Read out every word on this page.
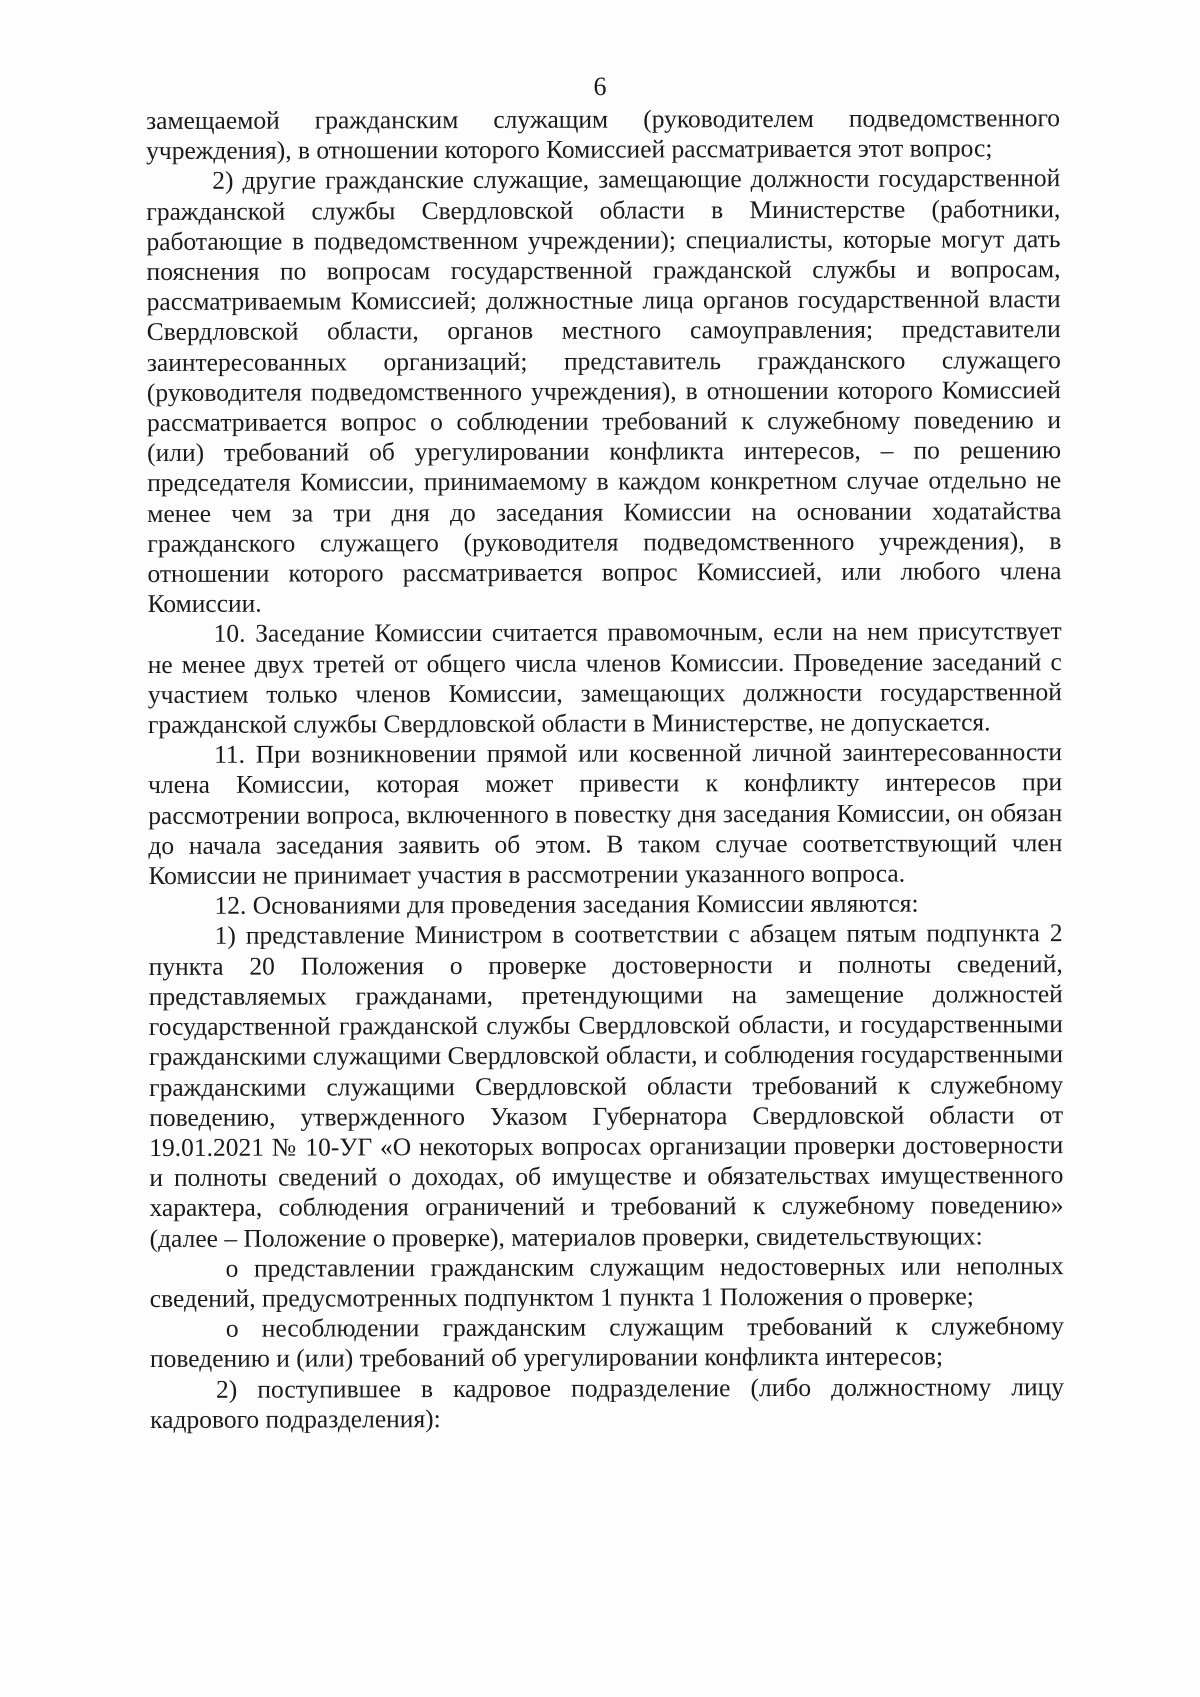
6

замещаемой гражданским служащим (руководителем подведомственного учреждения), в отношении которого Комиссией рассматривается этот вопрос;

2) другие гражданские служащие, замещающие должности государственной гражданской службы Свердловской области в Министерстве (работники, работающие в подведомственном учреждении); специалисты, которые могут дать пояснения по вопросам государственной гражданской службы и вопросам, рассматриваемым Комиссией; должностные лица органов государственной власти Свердловской области, органов местного самоуправления; представители заинтересованных организаций; представитель гражданского служащего (руководителя подведомственного учреждения), в отношении которого Комиссией рассматривается вопрос о соблюдении требований к служебному поведению и (или) требований об урегулировании конфликта интересов, – по решению председателя Комиссии, принимаемому в каждом конкретном случае отдельно не менее чем за три дня до заседания Комиссии на основании ходатайства гражданского служащего (руководителя подведомственного учреждения), в отношении которого рассматривается вопрос Комиссией, или любого члена Комиссии.

10. Заседание Комиссии считается правомочным, если на нем присутствует не менее двух третей от общего числа членов Комиссии. Проведение заседаний с участием только членов Комиссии, замещающих должности государственной гражданской службы Свердловской области в Министерстве, не допускается.

11. При возникновении прямой или косвенной личной заинтересованности члена Комиссии, которая может привести к конфликту интересов при рассмотрении вопроса, включенного в повестку дня заседания Комиссии, он обязан до начала заседания заявить об этом. В таком случае соответствующий член Комиссии не принимает участия в рассмотрении указанного вопроса.

12. Основаниями для проведения заседания Комиссии являются:

1) представление Министром в соответствии с абзацем пятым подпункта 2 пункта 20 Положения о проверке достоверности и полноты сведений, представляемых гражданами, претендующими на замещение должностей государственной гражданской службы Свердловской области, и государственными гражданскими служащими Свердловской области, и соблюдения государственными гражданскими служащими Свердловской области требований к служебному поведению, утвержденного Указом Губернатора Свердловской области от 19.01.2021 № 10-УГ «О некоторых вопросах организации проверки достоверности и полноты сведений о доходах, об имуществе и обязательствах имущественного характера, соблюдения ограничений и требований к служебному поведению» (далее – Положение о проверке), материалов проверки, свидетельствующих:

о представлении гражданским служащим недостоверных или неполных сведений, предусмотренных подпунктом 1 пункта 1 Положения о проверке;

о несоблюдении гражданским служащим требований к служебному поведению и (или) требований об урегулировании конфликта интересов;

2) поступившее в кадровое подразделение (либо должностному лицу кадрового подразделения):
